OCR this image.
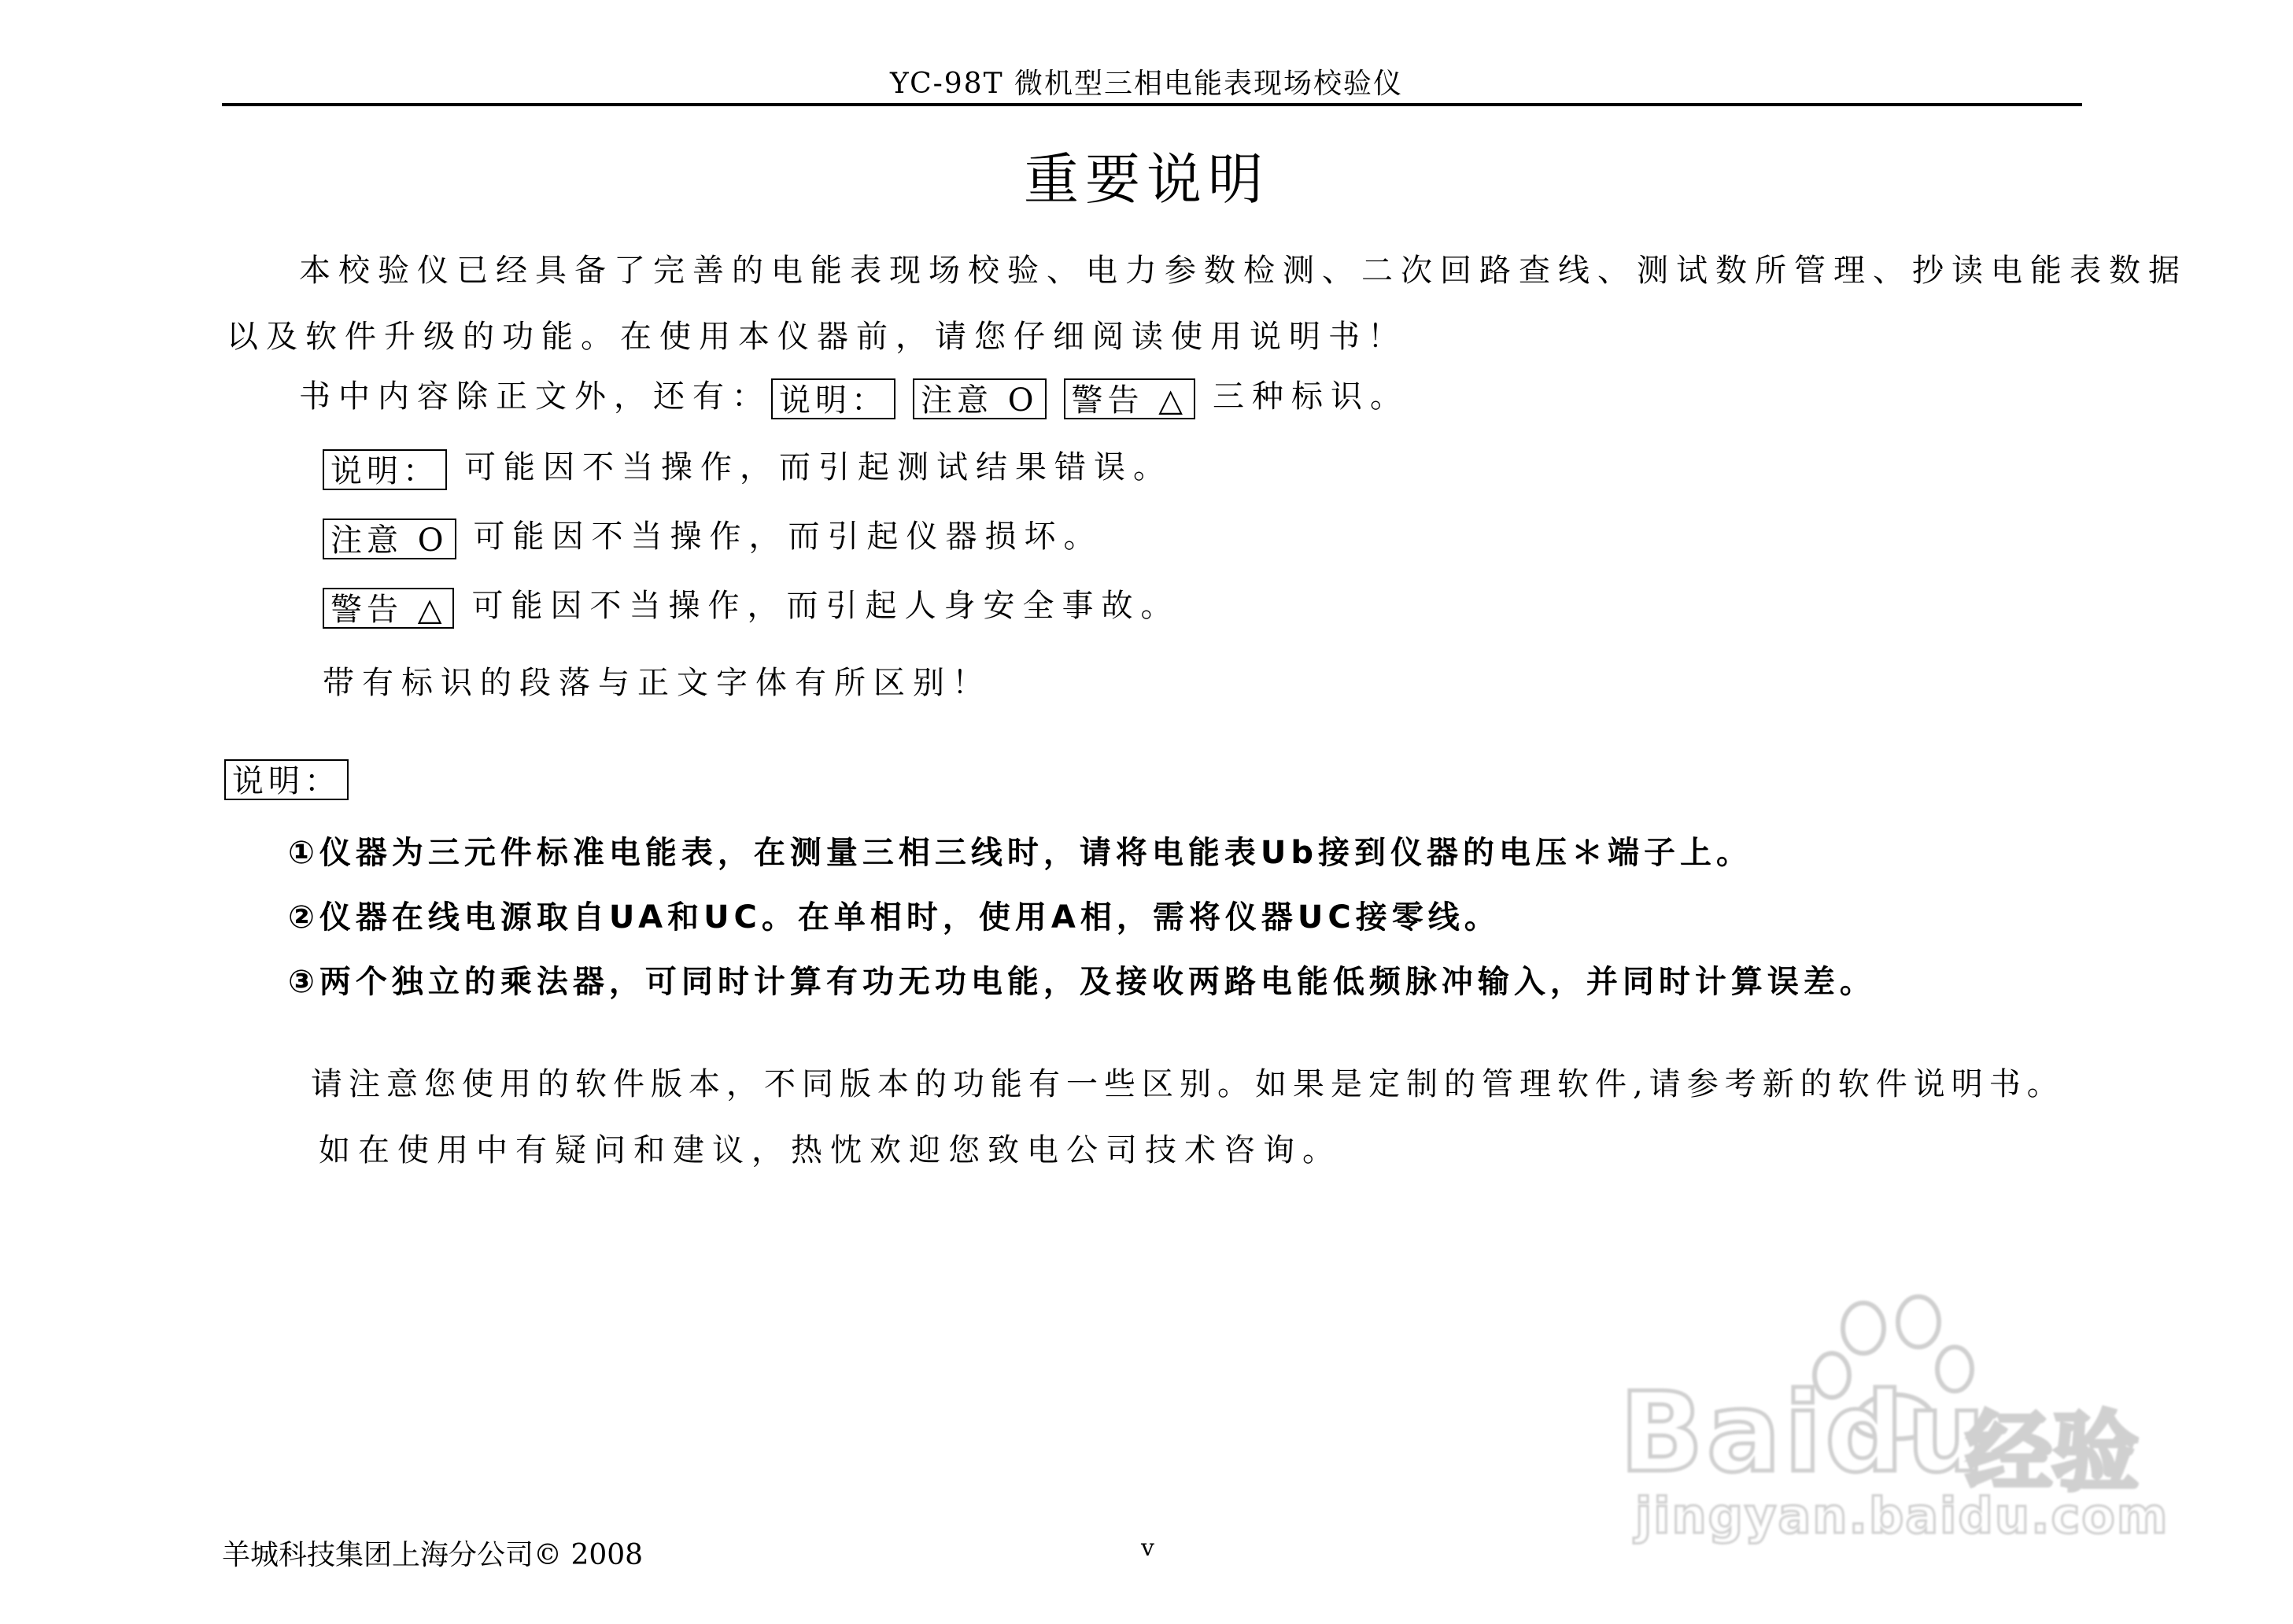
YC-98T 微机型三相电能表现场校验仪
重要说明
本校验仪已经具备了完善的电能表现场校验、电力参数检测、二次回路查线、测试数所管理、抄读电能表数据
以及软件升级的功能。在使用本仪器前，请您仔细阅读使用说明书！
书中内容除正文外，还有： 说明： 注意 O 警告 △ 三种标识。
说明： 可能因不当操作，而引起测试结果错误。
注意 O 可能因不当操作，而引起仪器损坏。
警告 △ 可能因不当操作，而引起人身安全事故。
带有标识的段落与正文字体有所区别！
说明：
①仪器为三元件标准电能表，在测量三相三线时，请将电能表Ub接到仪器的电压＊端子上。
②仪器在线电源取自UA和UC。在单相时，使用A相，需将仪器UC接零线。
③两个独立的乘法器，可同时计算有功无功电能，及接收两路电能低频脉冲输入，并同时计算误差。
请注意您使用的软件版本，不同版本的功能有一些区别。如果是定制的管理软件,请参考新的软件说明书。
如在使用中有疑问和建议，热忱欢迎您致电公司技术咨询。
Baidu
经验
jingyan.baidu.com
羊城科技集团上海分公司© 2008	v
